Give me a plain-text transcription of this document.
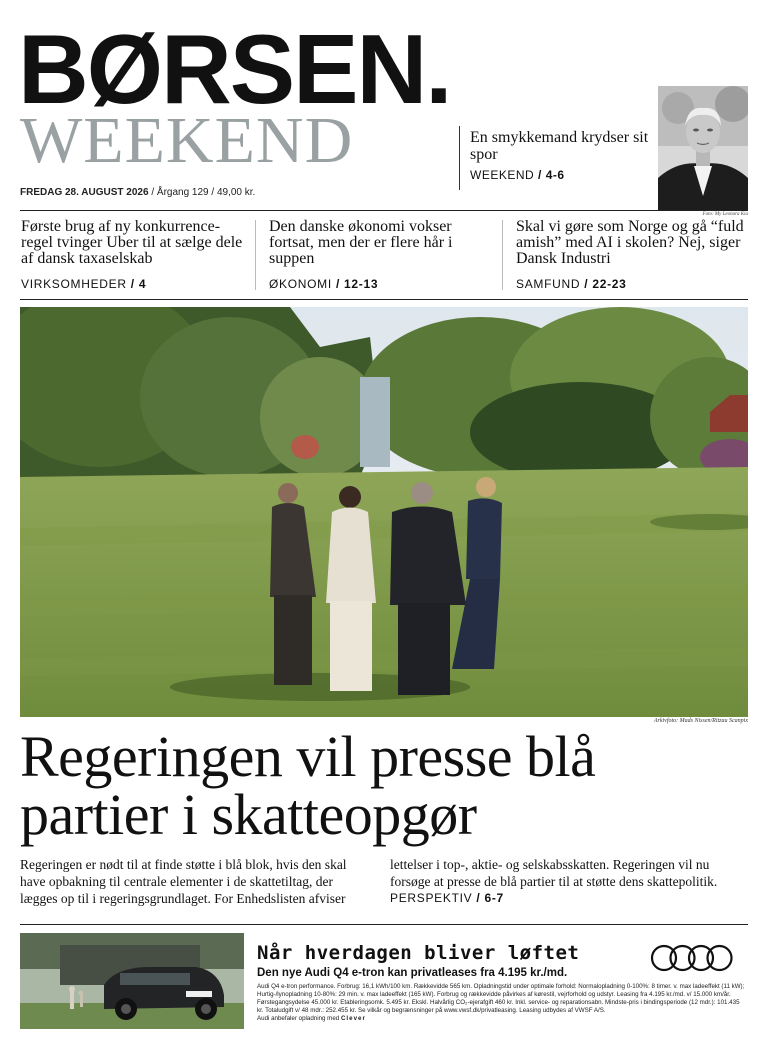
BØRSEN.
WEEKEND
FREDAG 28. AUGUST 2026 / Årgang 129 / 49,00 kr.
En smykkemand krydser sit spor
WEEKEND / 4-6
Foto: My Leonora Kia
Første brug af ny konkurrence-regel tvinger Uber til at sælge dele af dansk taxaselskab
VIRKSOMHEDER / 4
Den danske økonomi vokser fortsat, men der er flere hår i suppen
ØKONOMI / 12-13
Skal vi gøre som Norge og gå “fuld amish” med AI i skolen? Nej, siger Dansk Industri
SAMFUND / 22-23
Arkivfoto: Mads Nissen/Ritzau Scanpix
Regeringen vil presse blå
partier i skatteopgør
Regeringen er nødt til at finde støtte i blå blok, hvis den skal have opbakning til centrale elementer i de skattetiltag, der lægges op til i regeringsgrundlaget. For Enhedslisten afviser
lettelser i top-, aktie- og selskabsskatten. Regeringen vil nu forsøge at presse de blå partier til at støtte dens skattepolitik.
PERSPEKTIV / 6-7
Når hverdagen bliver løftet
Den nye Audi Q4 e-tron kan privatleases fra 4.195 kr./md.
Audi Q4 e-tron performance. Forbrug: 16,1 kWh/100 km. Rækkevidde 565 km. Opladningstid under optimale forhold: Normalopladning 0-100%: 8 timer. v. max ladeeffekt (11 kW); Hurtig-/lynopladning 10-80%: 29 min. v. max ladeeffekt (165 kW). Forbrug og rækkevidde påvirkes af kørestil, vejrforhold og udstyr. Leasing fra 4.195 kr./md. v/ 15.000 km/år. Førstegangsydelse 45.000 kr. Etableringsomk. 5.495 kr. Ekskl. Halvårlig CO₂-ejerafgift 460 kr. Inkl. service- og reparationsabn. Mindste-pris i bindingsperiode (12 mdr.): 101.435 kr. Totaludgift v/ 48 mdr.: 252.455 kr. Se vilkår og begrænsninger på www.vwsf.dk/privatleasing. Leasing udbydes af VWSF A/S.
Audi anbefaler opladning med Clever
